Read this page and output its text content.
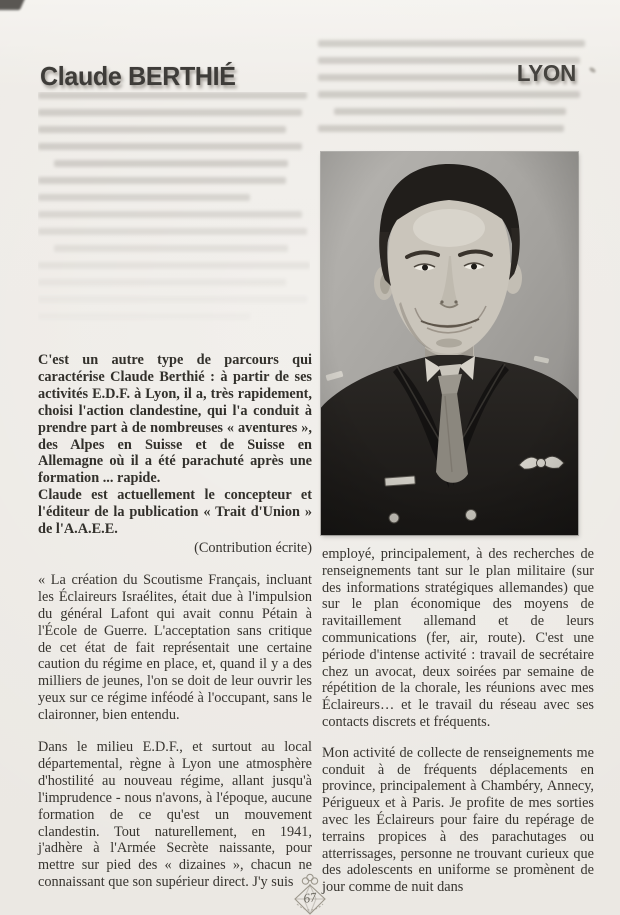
Claude BERTHIÉ	LYON

C'est un autre type de parcours qui caractérise Claude Berthié : à partir de ses activités E.D.F. à Lyon, il a, très rapidement, choisi l'action clandestine, qui l'a conduit à prendre part à de nombreuses « aventures », des Alpes en Suisse et de Suisse en Allemagne où il a été parachuté après une formation ... rapide.

Claude est actuellement le concepteur et l'éditeur de la publication « Trait d'Union » de l'A.A.E.E.

(Contribution écrite)

« La création du Scoutisme Français, incluant les Éclaireurs Israélites, était due à l'impulsion du général Lafont qui avait connu Pétain à l'École de Guerre. L'acceptation sans critique de cet état de fait représentait une certaine caution du régime en place, et, quand il y a des milliers de jeunes, l'on se doit de leur ouvrir les yeux sur ce régime inféodé à l'occupant, sans le claironner, bien entendu.

Dans le milieu E.D.F., et surtout au local départemental, règne à Lyon une atmosphère d'hostilité au nouveau régime, allant jusqu'à l'imprudence - nous n'avons, à l'époque, aucune formation de ce qu'est un mouvement clandestin. Tout naturellement, en 1941, j'adhère à l'Armée Secrète naissante, pour mettre sur pied des « dizaines », chacun ne connaissant que son supérieur direct. J'y suis

employé, principalement, à des recherches de renseignements tant sur le plan militaire (sur des informations stratégiques allemandes) que sur le plan économique des moyens de ravitaillement allemand et de leurs communications (fer, air, route). C'est une période d'intense activité : travail de secrétaire chez un avocat, deux soirées par semaine de répétition de la chorale, les réunions avec mes Éclaireurs… et le travail du réseau avec ses contacts discrets et fréquents.

Mon activité de collecte de renseignements me conduit à de fréquents déplacements en province, principalement à Chambéry, Annecy, Périgueux et à Paris. Je profite de mes sorties avec les Éclaireurs pour faire du repérage de terrains propices à des parachutages ou atterrissages, personne ne trouvant curieux que des adolescents en uniforme se promènent de jour comme de nuit dans

67
